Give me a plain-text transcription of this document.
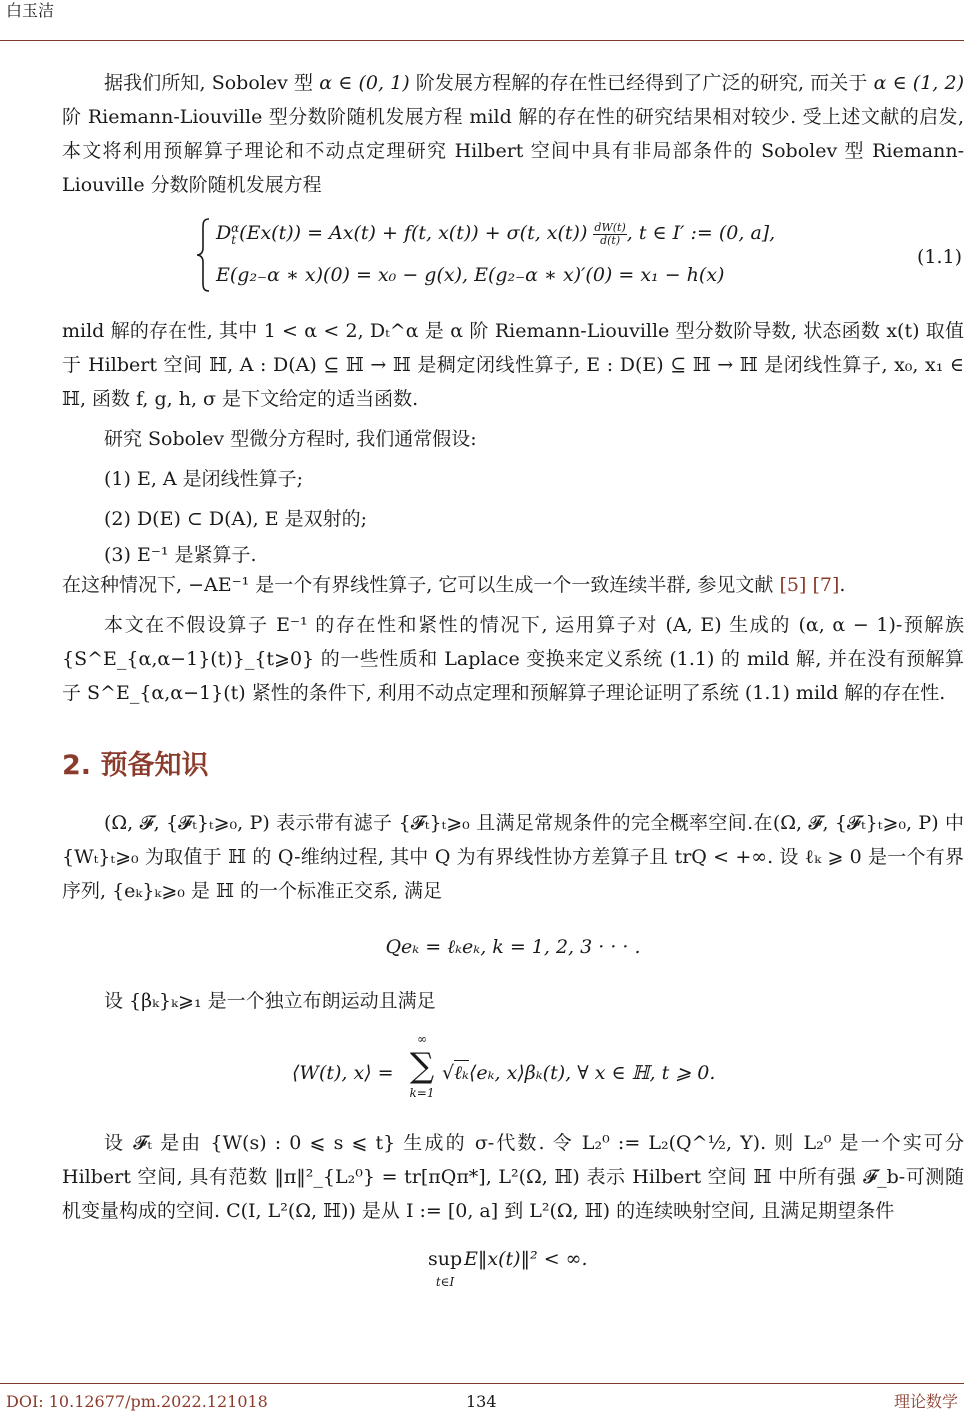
白玉洁

据我们所知, Sobolev 型 α ∈ (0, 1) 阶发展方程解的存在性已经得到了广泛的研究, 而关于 α ∈ (1, 2) 阶 Riemann-Liouville 型分数阶随机发展方程 mild 解的存在性的研究结果相对较少. 受上述文献的启发, 本文将利用预解算子理论和不动点定理研究 Hilbert 空间中具有非局部条件的 Sobolev 型 Riemann-Liouville 分数阶随机发展方程

$D_t^\alpha(Ex(t)) = Ax(t) + f(t$, x(t)) + σ(t, $x(t)) \frac{dW(t)}{d(t)}$ , t ∈ I′ := (0, a],
E(g₂₋α ∗ x)(0) = x₀ − g(x), E(g₂₋α ∗ x)′(0) = x₁ − h(x)
(1.1)

mild 解的存在性, 其中 1 < α < 2, Dₜ^α 是 α 阶 Riemann-Liouville 型分数阶导数, 状态函数 x(t) 取值于 Hilbert 空间 ℍ, A : D(A) ⊆ ℍ → ℍ 是稠定闭线性算子, E : D(E) ⊆ ℍ → ℍ 是闭线性算子, x₀, x₁ ∈ ℍ, 函数 f, g, h, σ 是下文给定的适当函数.

研究 Sobolev 型微分方程时, 我们通常假设:

(1) E, A 是闭线性算子;

(2) D(E) ⊂ D(A), E 是双射的;

(3) E⁻¹ 是紧算子.

在这种情况下, −AE⁻¹ 是一个有界线性算子, 它可以生成一个一致连续半群, 参见文献 [5] [7].

本文在不假设算子 E⁻¹ 的存在性和紧性的情况下, 运用算子对 (A, E) 生成的 (α, α − 1)-预解族 {S^E_{α,α−1}(t)}_{t⩾0} 的一些性质和 Laplace 变换来定义系统 (1.1) 的 mild 解, 并在没有预解算子 S^E_{α,α−1}(t) 紧性的条件下, 利用不动点定理和预解算子理论证明了系统 (1.1) mild 解的存在性.

2. 预备知识

(Ω, 𝓕, {𝓕ₜ}ₜ⩾₀, P) 表示带有滤子 {𝓕ₜ}ₜ⩾₀ 且满足常规条件的完全概率空间.在(Ω, 𝓕, {𝓕ₜ}ₜ⩾₀, P) 中{Wₜ}ₜ⩾₀ 为取值于 ℍ 的 Q-维纳过程, 其中 Q 为有界线性协方差算子且 trQ < +∞. 设 ℓₖ ⩾ 0 是一个有界序列, {eₖ}ₖ⩾₀ 是 ℍ 的一个标准正交系, 满足

Qeₖ = ℓₖeₖ, k = 1, 2, 3 · · · .

设 {βₖ}ₖ⩾₁ 是一个独立布朗运动且满足

⟨W(t), x⟩ =
∞
∑
k=1
√ℓₖ⟨eₖ, x⟩βₖ(t), ∀ x ∈ ℍ, t ⩾ 0.

设 𝓕ₜ 是由 {W(s) : 0 ⩽ s ⩽ t} 生成的 σ-代数. 令 L₂⁰ := L₂(Q^½, Y). 则 L₂⁰ 是一个实可分 Hilbert 空间, 具有范数 ‖π‖²_{L₂⁰} = tr[πQπ*], L²(Ω, ℍ) 表示 Hilbert 空间 ℍ 中所有强 𝓕_b-可测随机变量构成的空间. C(I, L²(Ω, ℍ)) 是从 I := [0, a] 到 L²(Ω, ℍ) 的连续映射空间, 且满足期望条件

sup
t∈I
E‖x(t)‖² < ∞.
DOI: 10.12677/pm.2022.121018	134	理论数学
